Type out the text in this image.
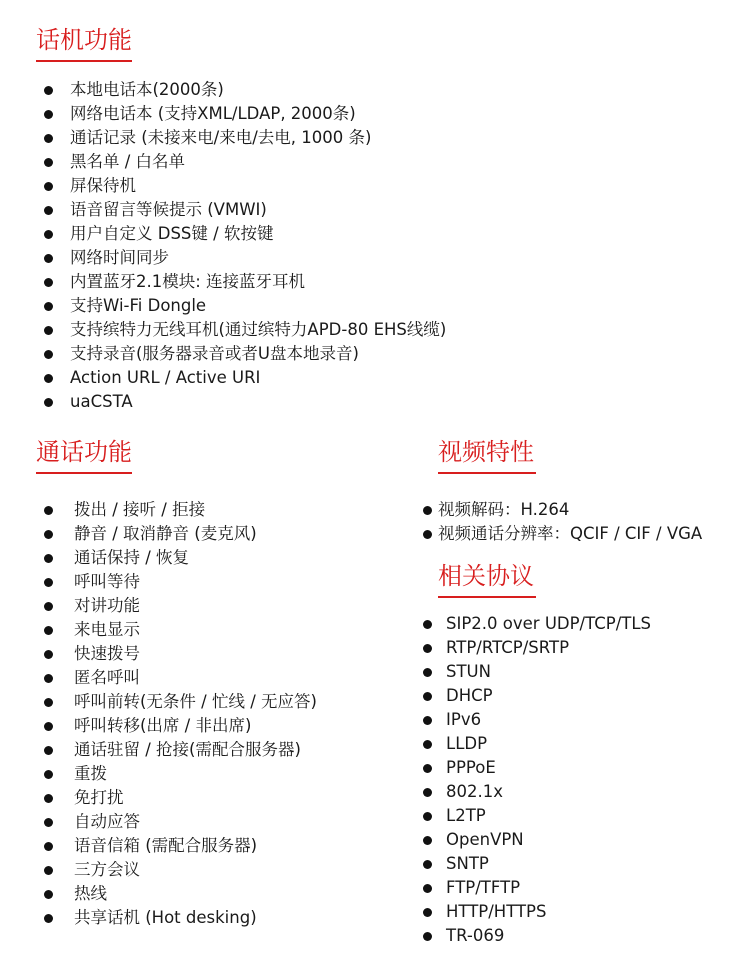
话机功能
本地电话本(2000条)
网络电话本 (支持XML/LDAP, 2000条)
通话记录 (未接来电/来电/去电, 1000 条)
黑名单 / 白名单
屏保待机
语音留言等候提示 (VMWI)
用户自定义 DSS键 / 软按键
网络时间同步
内置蓝牙2.1模块: 连接蓝牙耳机
支持Wi-Fi Dongle
支持缤特力无线耳机(通过缤特力APD-80 EHS线缆)
支持录音(服务器录音或者U盘本地录音)
Action URL / Active URI
uaCSTA
通话功能
拨出 / 接听 / 拒接
静音 / 取消静音 (麦克风)
通话保持 / 恢复
呼叫等待
对讲功能
来电显示
快速拨号
匿名呼叫
呼叫前转(无条件 / 忙线 / 无应答)
呼叫转移(出席 / 非出席)
通话驻留 / 抢接(需配合服务器)
重拨
免打扰
自动应答
语音信箱 (需配合服务器)
三方会议
热线
共享话机 (Hot desking)
视频特性
视频解码：H.264
视频通话分辨率：QCIF / CIF / VGA
相关协议
SIP2.0 over UDP/TCP/TLS
RTP/RTCP/SRTP
STUN
DHCP
IPv6
LLDP
PPPoE
802.1x
L2TP
OpenVPN
SNTP
FTP/TFTP
HTTP/HTTPS
TR-069
